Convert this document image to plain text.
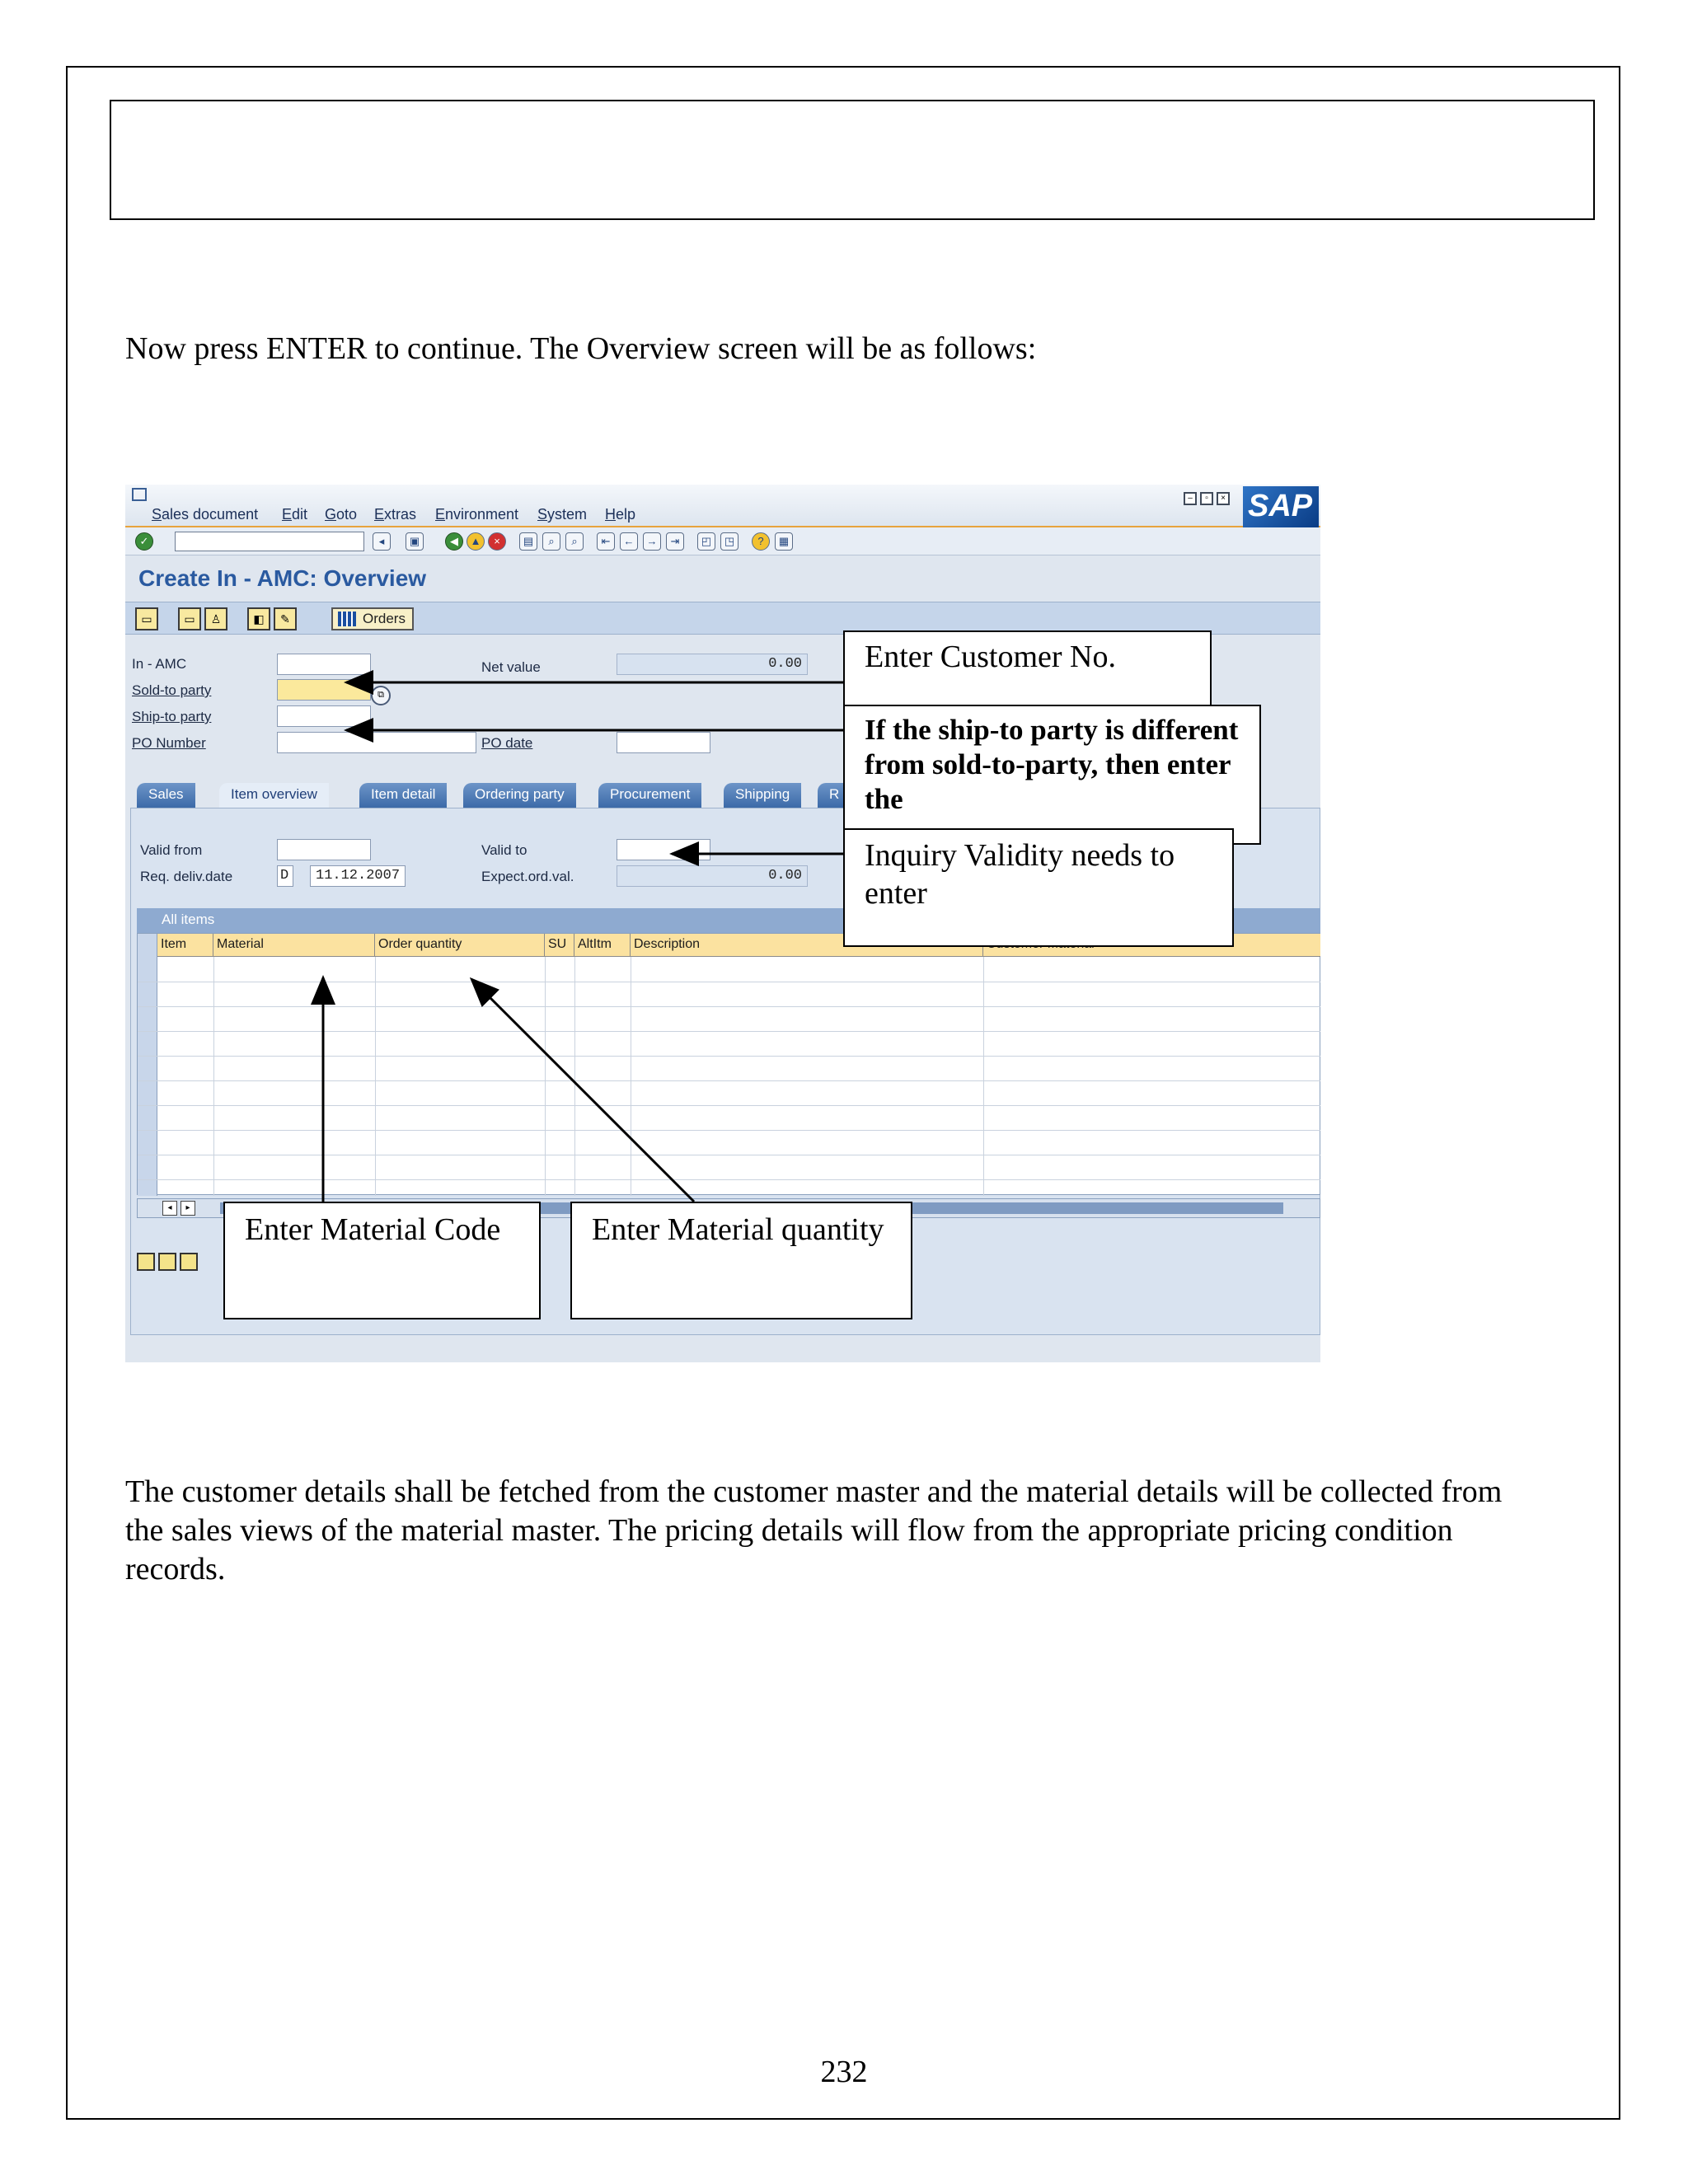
Now press ENTER to continue. The Overview screen will be as follows:
Sales document Edit Goto Extras Environment System Help
– ▫ × SAP
✓	◂	▣	◀	▲	×	▤	⌕	⌕	⇤	←	→	⇥	◰	◳	?	▦
Create In - AMC: Overview
▭	▭	♙	◧	✎	Orders
In - AMC
Sold-to party	⧉
Ship-to party
PO Number
Net value	0.00
PO date
Sales	Item overview	Item detail	Ordering party	Procurement	Shipping	R
Valid from
Req. deliv.date	D	11.12.2007
Valid to
Expect.ord.val.	0.00
All items
Item	Material	Order quantity	SU AltItm	Description
◂	▸
Enter Customer No.
If the ship-to party is different from sold-to-party, then enter the
Inquiry Validity needs to enter
Enter Material Code	Enter Material quantity
The customer details shall be fetched from the customer master and the material details will be collected from the sales views of the material master. The pricing details will flow from the appropriate pricing condition records.
232
